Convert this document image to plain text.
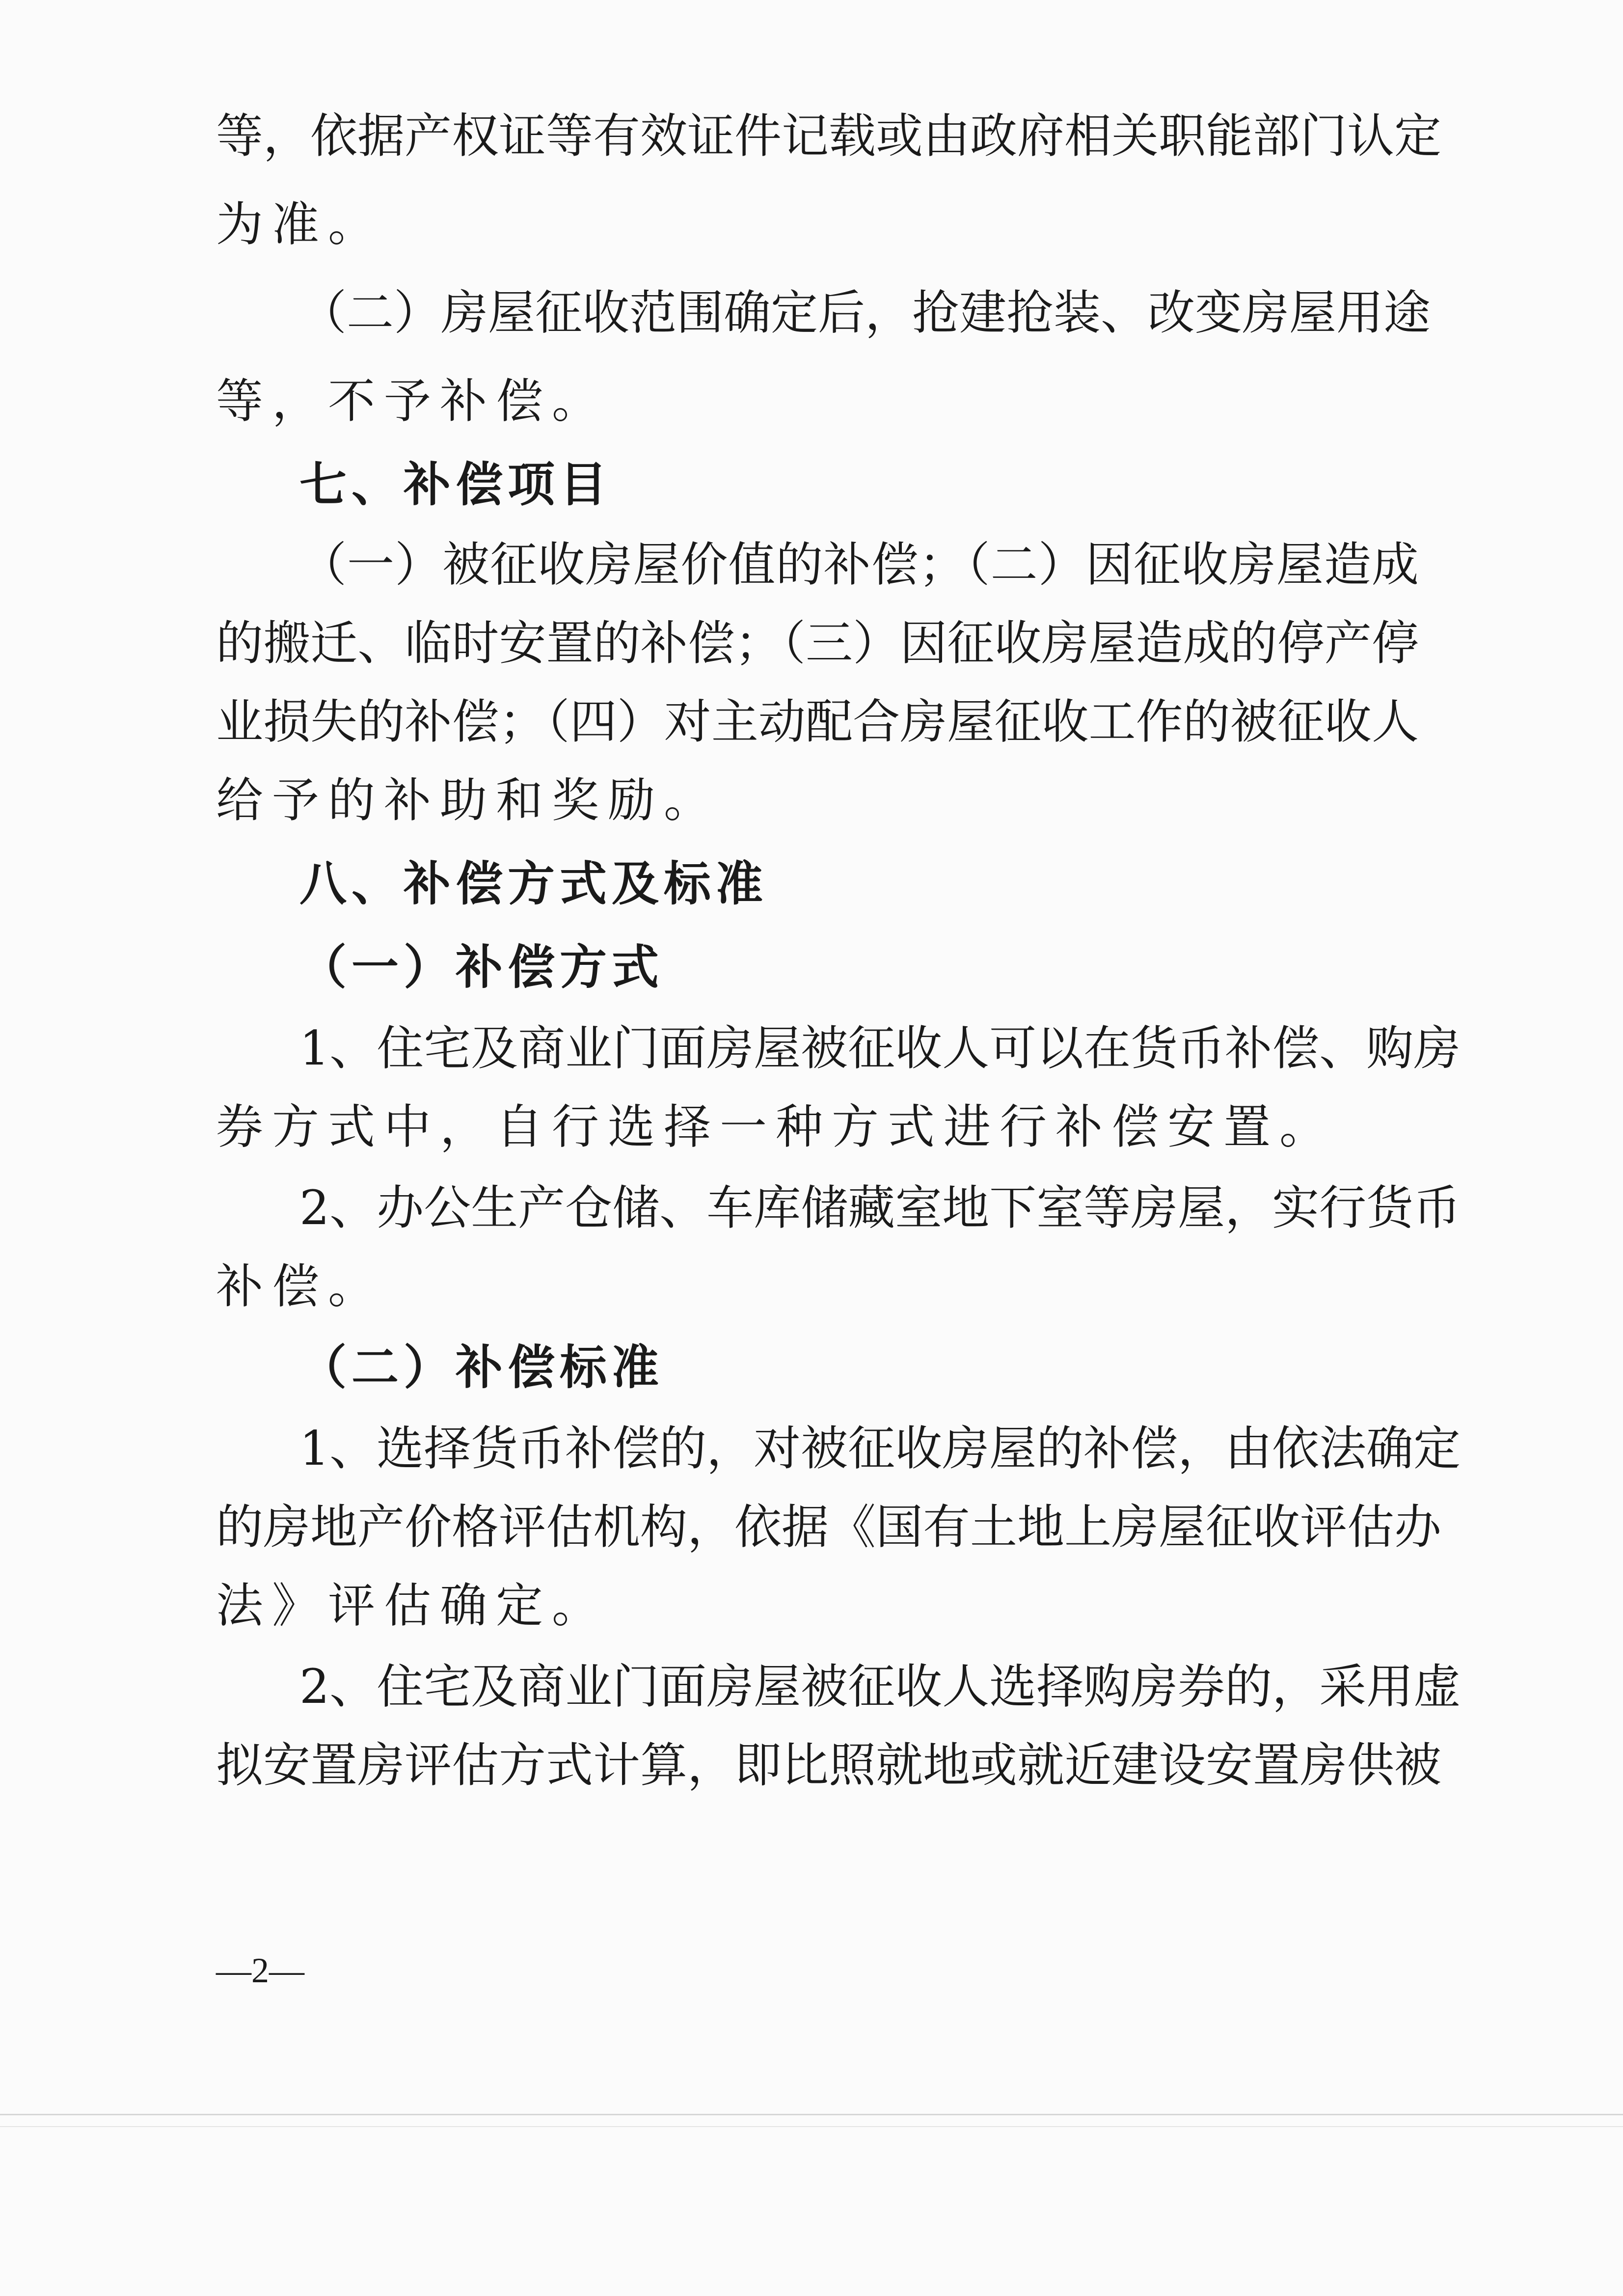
等，依据产权证等有效证件记载或由政府相关职能部门认定
为准。
（二）房屋征收范围确定后，抢建抢装、改变房屋用途
等，不予补偿。
七、补偿项目
（一）被征收房屋价值的补偿；（二）因征收房屋造成
的搬迁、临时安置的补偿；（三）因征收房屋造成的停产停
业损失的补偿；（四）对主动配合房屋征收工作的被征收人
给予的补助和奖励。
八、补偿方式及标准
（一）补偿方式
1、住宅及商业门面房屋被征收人可以在货币补偿、购房
券方式中，自行选择一种方式进行补偿安置。
2、办公生产仓储、车库储藏室地下室等房屋，实行货币
补偿。
（二）补偿标准
1、选择货币补偿的，对被征收房屋的补偿，由依法确定
的房地产价格评估机构，依据《国有土地上房屋征收评估办
法》评估确定。
2、住宅及商业门面房屋被征收人选择购房券的，采用虚
拟安置房评估方式计算，即比照就地或就近建设安置房供被
—2—
